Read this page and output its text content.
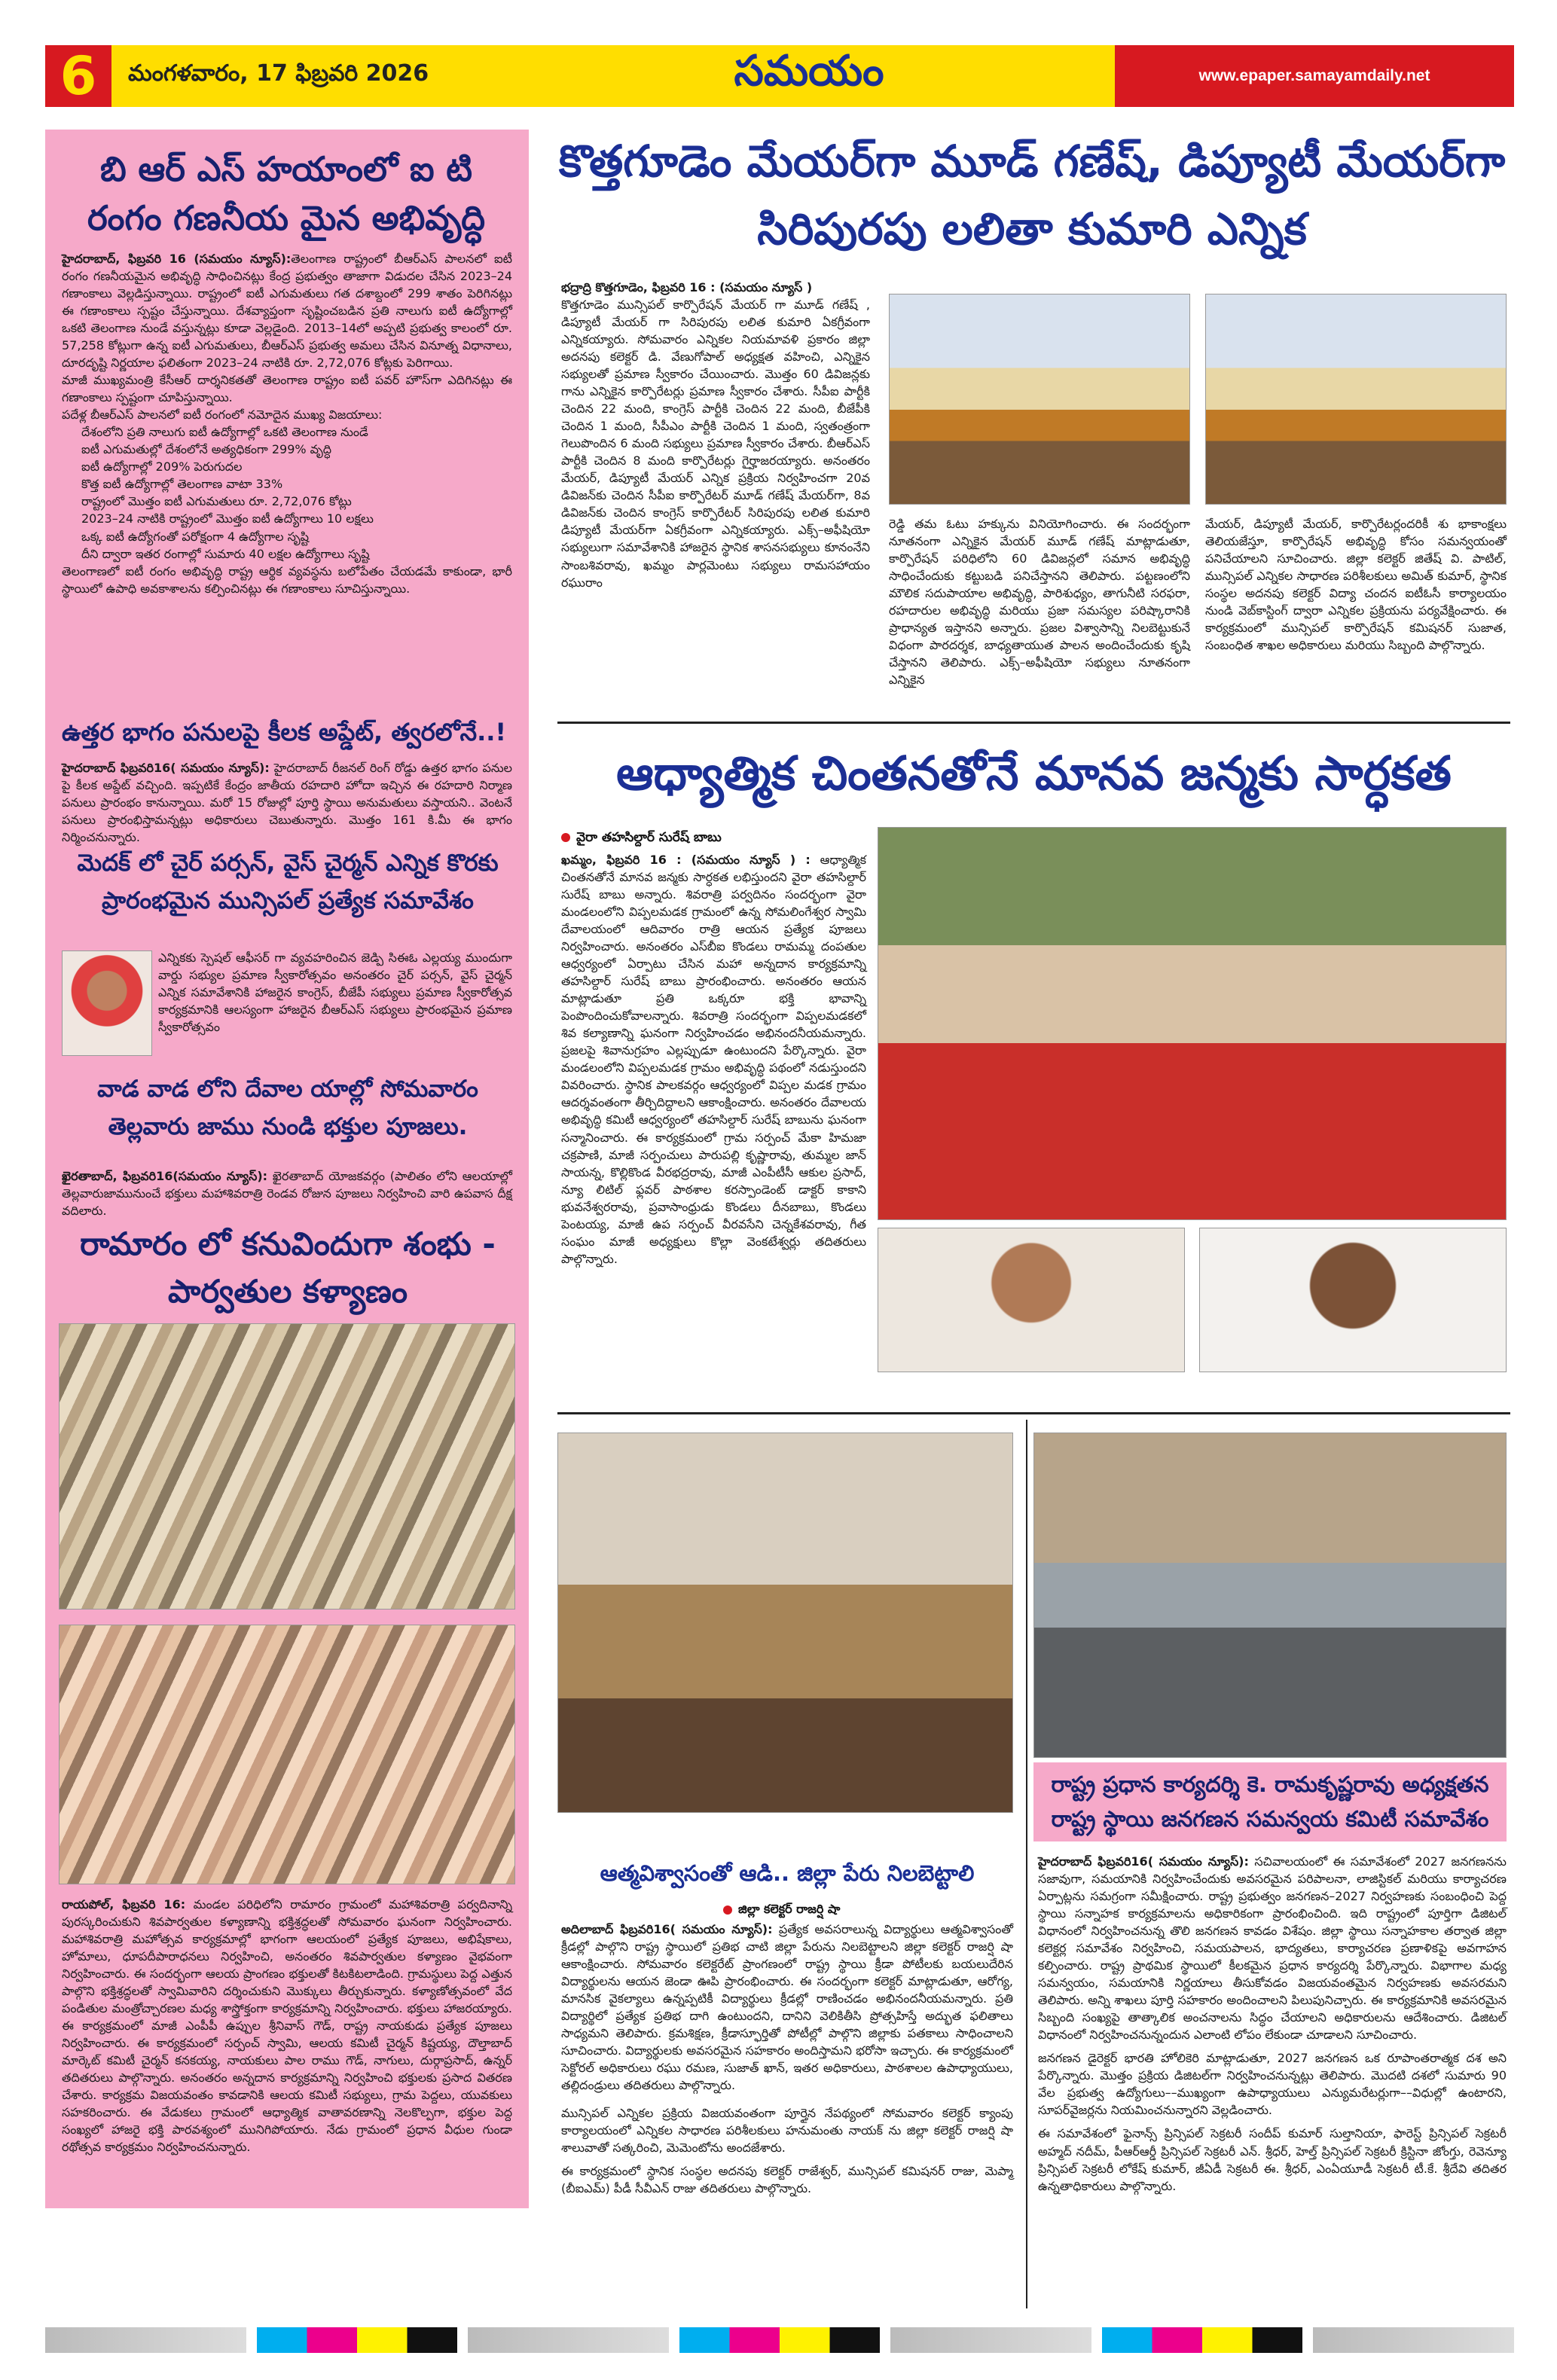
6	మంగళవారం, 17 ఫిబ్రవరి 2026	సమయం	www.epaper.samayamdaily.net
బి ఆర్ ఎస్ హయాంలో ఐ టి రంగం గణనీయ మైన అభివృద్ధి

హైదరాబాద్, ఫిబ్రవరి 16 (సమయం న్యూస్):తెలంగాణ రాష్ట్రంలో బీఆర్ఎస్ పాలనలో ఐటీ రంగం గణనీయమైన అభివృద్ధి సాధించినట్లు కేంద్ర ప్రభుత్వం తాజాగా విడుదల చేసిన 2023–24 గణాంకాలు వెల్లడిస్తున్నాయి. రాష్ట్రంలో ఐటీ ఎగుమతులు గత దశాబ్దంలో 299 శాతం పెరిగినట్లు ఈ గణాంకాలు స్పష్టం చేస్తున్నాయి. దేశవ్యాప్తంగా సృష్టించబడిన ప్రతి నాలుగు ఐటీ ఉద్యోగాల్లో ఒకటి తెలంగాణ నుండే వస్తున్నట్లు కూడా వెల్లడైంది. 2013–14లో అప్పటి ప్రభుత్వ కాలంలో రూ. 57,258 కోట్లుగా ఉన్న ఐటీ ఎగుమతులు, బీఆర్ఎస్ ప్రభుత్వ అమలు చేసిన వినూత్న విధానాలు, దూరదృష్టి నిర్ణయాల ఫలితంగా 2023–24 నాటికి రూ. 2,72,076 కోట్లకు పెరిగాయి.

మాజీ ముఖ్యమంత్రి కేసీఆర్ దార్శనికతతో తెలంగాణ రాష్ట్రం ఐటీ పవర్ హౌస్‌గా ఎదిగినట్లు ఈ గణాంకాలు స్పష్టంగా చూపిస్తున్నాయి.

పదేళ్ల బీఆర్ఎస్ పాలనలో ఐటీ రంగంలో నమోదైన ముఖ్య విజయాలు:

దేశంలోని ప్రతి నాలుగు ఐటీ ఉద్యోగాల్లో ఒకటి తెలంగాణ నుండే
ఐటీ ఎగుమతుల్లో దేశంలోనే అత్యధికంగా 299% వృద్ధి
ఐటీ ఉద్యోగాల్లో 209% పెరుగుదల
కొత్త ఐటీ ఉద్యోగాల్లో తెలంగాణ వాటా 33%
రాష్ట్రంలో మొత్తం ఐటీ ఎగుమతులు రూ. 2,72,076 కోట్లు
2023–24 నాటికి రాష్ట్రంలో మొత్తం ఐటీ ఉద్యోగాలు 10 లక్షలు
ఒక్క ఐటీ ఉద్యోగంతో పరోక్షంగా 4 ఉద్యోగాల సృష్టి
దీని ద్వారా ఇతర రంగాల్లో సుమారు 40 లక్షల ఉద్యోగాలు సృష్టి

తెలంగాణలో ఐటీ రంగం అభివృద్ధి రాష్ట్ర ఆర్థిక వ్యవస్థను బలోపేతం చేయడమే కాకుండా, భారీ స్థాయిలో ఉపాధి అవకాశాలను కల్పించినట్లు ఈ గణాంకాలు సూచిస్తున్నాయి.

ఉత్తర భాగం పనులపై కీలక అప్డేట్, త్వరలోనే..!
హైదరాబాద్ ఫిబ్రవరి16( సమయం న్యూస్): హైదరాబాద్ రీజనల్ రింగ్ రోడ్డు ఉత్తర భాగం పనుల పై కీలక అప్డేట్ వచ్చింది. ఇప్పటికే కేంద్రం జాతీయ రహదారి హోదా ఇచ్చిన ఈ రహదారి నిర్మాణ పనులు ప్రారంభం కానున్నాయి. మరో 15 రోజుల్లో పూర్తి స్థాయి అనుమతులు వస్తాయని.. వెంటనే పనులు ప్రారంభిస్తామన్నట్లు అధికారులు చెబుతున్నారు. మొత్తం 161 కి.మీ ఈ భాగం నిర్మించనున్నారు.
మెదక్ లో చైర్ పర్సన్, వైస్ చైర్మన్ ఎన్నిక కొరకు ప్రారంభమైన మున్సిపల్ ప్రత్యేక సమావేశం
ఎన్నికకు స్పెషల్ ఆఫీసర్ గా వ్యవహరించిన జెడ్పి సిఈఓ ఎల్లయ్య ముందుగా వార్డు సభ్యుల ప్రమాణ స్వీకారోత్సవం అనంతరం చైర్ పర్సన్, వైస్ చైర్మన్ ఎన్నిక సమావేశానికి హాజరైన కాంగ్రెస్, బీజేపీ సభ్యులు ప్రమాణ స్వీకారోత్సవ కార్యక్రమానికి ఆలస్యంగా హాజరైన బీఆర్ఎస్ సభ్యులు ప్రారంభమైన ప్రమాణ స్వీకారోత్సవం
వాడ వాడ లోని దేవాల యాల్లో సోమవారం తెల్లవారు జాము నుండి భక్తుల పూజలు.
ఖైరతాబాద్, ఫిబ్రవరి16(సమయం న్యూస్): ఖైరతాబాద్ యోజకవర్గం (పాలితం లోని ఆలయాల్లో తెల్లవారుజామునుంచే భక్తులు మహాశివరాత్రి రెండవ రోజున పూజలు నిర్వహించి వారి ఉపవాస దీక్ష వదిలారు.
రామారం లో కనువిందుగా శంభు - పార్వతుల కళ్యాణం
రాయపోల్, ఫిబ్రవరి 16: మండల పరిధిలోని రామారం గ్రామంలో మహాశివరాత్రి పర్వదినాన్ని పురస్కరించుకుని శివపార్వతుల కళ్యాణాన్ని భక్తిశ్రద్ధలతో సోమవారం ఘనంగా నిర్వహించారు. మహాశివరాత్రి మహోత్సవ కార్యక్రమాల్లో భాగంగా ఆలయంలో ప్రత్యేక పూజలు, అభిషేకాలు, హోమాలు, ధూపదీపారాధనలు నిర్వహించి, అనంతరం శివపార్వతుల కళ్యాణం వైభవంగా నిర్వహించారు. ఈ సందర్భంగా ఆలయ ప్రాంగణం భక్తులతో కిటకిటలాడింది. గ్రామస్థులు పెద్ద ఎత్తున పాల్గొని భక్తిశ్రద్ధలతో స్వామివారిని దర్శించుకుని మొక్కులు తీర్చుకున్నారు. కళ్యాణోత్సవంలో వేద పండితుల మంత్రోచ్చారణల మధ్య శాస్త్రోక్తంగా కార్యక్రమాన్ని నిర్వహించారు. భక్తులు హాజరయ్యారు. ఈ కార్యక్రమంలో మాజీ ఎంపీపీ ఉప్పుల శ్రీనివాస్ గౌడ్, రాష్ట్ర నాయకుడు ప్రత్యేక పూజలు నిర్వహించారు. ఈ కార్యక్రమంలో సర్పంచ్ స్వామి, ఆలయ కమిటీ చైర్మన్ కిష్టయ్య, దౌల్తాబాద్ మార్కెట్ కమిటీ చైర్మన్ కనకయ్య, నాయకులు పాల రాము గౌడ్, నాగులు, దుర్గాప్రసాద్, ఉన్నర్ తదితరులు పాల్గొన్నారు. అనంతరం అన్నదాన కార్యక్రమాన్ని నిర్వహించి భక్తులకు ప్రసాద వితరణ చేశారు. కార్యక్రమ విజయవంతం కావడానికి ఆలయ కమిటీ సభ్యులు, గ్రామ పెద్దలు, యువకులు సహకరించారు. ఈ వేడుకలు గ్రామంలో ఆధ్యాత్మిక వాతావరణాన్ని నెలకొల్పగా, భక్తుల పెద్ద సంఖ్యలో హాజరై భక్తి పారవశ్యంలో మునిగిపోయారు. నేడు గ్రామంలో ప్రధాన వీధుల గుండా రథోత్సవ కార్యక్రమం నిర్వహించనున్నారు.
కొత్తగూడెం మేయర్‌గా మూడ్ గణేష్, డిప్యూటీ మేయర్‌గా సిరిపురపు లలితా కుమారి ఎన్నిక
భద్రాద్రి కొత్తగూడెం, ఫిబ్రవరి 16 : (సమయం న్యూస్ )

కొత్తగూడెం మున్సిపల్ కార్పొరేషన్ మేయర్ గా మూడ్ గణేష్ , డిప్యూటీ మేయర్ గా సిరిపురపు లలిత కుమారి ఏకగ్రీవంగా ఎన్నికయ్యారు. సోమవారం ఎన్నికల నియమావళి ప్రకారం జిల్లా అదనపు కలెక్టర్ డి. వేణుగోపాల్ అధ్యక్షత వహించి, ఎన్నికైన సభ్యులతో ప్రమాణ స్వీకారం చేయించారు. మొత్తం 60 డివిజన్లకు గాను ఎన్నికైన కార్పొరేటర్లు ప్రమాణ స్వీకారం చేశారు. సీపీఐ పార్టీకి చెందిన 22 మంది, కాంగ్రెస్ పార్టీకి చెందిన 22 మంది, బీజేపీకి చెందిన 1 మంది, సీపీఎం పార్టీకి చెందిన 1 మంది, స్వతంత్రంగా గెలుపొందిన 6 మంది సభ్యులు ప్రమాణ స్వీకారం చేశారు. బీఆర్ఎస్ పార్టీకి చెందిన 8 మంది కార్పొరేటర్లు గైర్హాజరయ్యారు. అనంతరం మేయర్, డిప్యూటీ మేయర్ ఎన్నిక ప్రక్రియ నిర్వహించగా 20వ డివిజన్‌కు చెందిన సీపీఐ కార్పొరేటర్ మూడ్ గణేష్ మేయర్‌గా, 8వ డివిజన్‌కు చెందిన కాంగ్రెస్ కార్పొరేటర్ సిరిపురపు లలిత కుమారి డిప్యూటీ మేయర్‌గా ఏకగ్రీవంగా ఎన్నికయ్యారు. ఎక్స్–అఫీషియో సభ్యులుగా సమావేశానికి హాజరైన స్థానిక శాసనసభ్యులు కూనంనేని సాంబశివరావు, ఖమ్మం పార్లమెంటు సభ్యులు రామసహాయం రఘురాం

రెడ్డి తమ ఓటు హక్కును వినియోగించారు. ఈ సందర్భంగా నూతనంగా ఎన్నికైన మేయర్ మూడ్ గణేష్ మాట్లాడుతూ, కార్పొరేషన్ పరిధిలోని 60 డివిజన్లలో సమాన అభివృద్ధి సాధించేందుకు కట్టుబడి పనిచేస్తానని తెలిపారు. పట్టణంలోని మౌలిక సదుపాయాల అభివృద్ధి, పారిశుధ్యం, తాగునీటి సరఫరా, రహదారుల అభివృద్ధి మరియు ప్రజా సమస్యల పరిష్కారానికి ప్రాధాన్యత ఇస్తానని అన్నారు. ప్రజల విశ్వాసాన్ని నిలబెట్టుకునే విధంగా పారదర్శక, బాధ్యతాయుత పాలన అందించేందుకు కృషి చేస్తానని తెలిపారు. ఎక్స్–అఫీషియో సభ్యులు నూతనంగా ఎన్నికైన
మేయర్, డిప్యూటీ మేయర్, కార్పొరేటర్లందరికీ శు భాకాంక్షలు తెలియజేస్తూ, కార్పొరేషన్ అభివృద్ధి కోసం సమన్వయంతో పనిచేయాలని సూచించారు. జిల్లా కలెక్టర్ జితేష్ వి. పాటిల్, మున్సిపల్ ఎన్నికల సాధారణ పరిశీలకులు అమిత్ కుమార్, స్థానిక సంస్థల అదనపు కలెక్టర్ విద్యా చందన ఐటీఓసీ కార్యాలయం నుండి వెబ్‌కాస్టింగ్ ద్వారా ఎన్నికల ప్రక్రియను పర్యవేక్షించారు. ఈ కార్యక్రమంలో మున్సిపల్ కార్పొరేషన్ కమిషనర్ సుజాత, సంబంధిత శాఖల అధికారులు మరియు సిబ్బంది పాల్గొన్నారు.
ఆధ్యాత్మిక చింతనతోనే మానవ జన్మకు సార్ధకత
వైరా తహసిల్దార్ సురేష్ బాబు
ఖమ్మం, ఫిబ్రవరి 16 : (సమయం న్యూస్ ) : ఆధ్యాత్మిక చింతనతోనే మానవ జన్మకు సార్ధకత లభిస్తుందని వైరా తహసిల్దార్ సురేష్ బాబు అన్నారు. శివరాత్రి పర్వదినం సందర్భంగా వైరా మండలంలోని విప్పలమడక గ్రామంలో ఉన్న సోమలింగేశ్వర స్వామి దేవాలయంలో ఆదివారం రాత్రి ఆయన ప్రత్యేక పూజలు నిర్వహించారు. అనంతరం ఎస్‌బీఐ కొండలు రామమ్మ దంపతుల ఆధ్వర్యంలో ఏర్పాటు చేసిన మహా అన్నదాన కార్యక్రమాన్ని తహసిల్దార్ సురేష్ బాబు ప్రారంభించారు. అనంతరం ఆయన మాట్లాడుతూ ప్రతి ఒక్కరూ భక్తి భావాన్ని పెంపొందించుకోవాలన్నారు. శివరాత్రి సందర్భంగా విప్పలమడకలో శివ కల్యాణాన్ని ఘనంగా నిర్వహించడం అభినందనీయమన్నారు. ప్రజలపై శివానుగ్రహం ఎల్లప్పుడూ ఉంటుందని పేర్కొన్నారు. వైరా మండలంలోని విప్పలమడక గ్రామం అభివృద్ధి పథంలో నడుస్తుందని వివరించారు. స్థానిక పాలకవర్గం ఆధ్వర్యంలో విప్పల మడక గ్రామం ఆదర్శవంతంగా తీర్చిదిద్దాలని ఆకాంక్షించారు. అనంతరం దేవాలయ అభివృద్ధి కమిటీ ఆధ్వర్యంలో తహసిల్దార్ సురేష్ బాబును ఘనంగా సన్మానించారు. ఈ కార్యక్రమంలో గ్రామ సర్పంచ్ మేకా హిమజా చక్రపాణి, మాజీ సర్పంచులు పారుపల్లి కృష్ణారావు, తుమ్మల జాన్ సాయన్న, కొల్లికొండ వీరభద్రరావు, మాజీ ఎంపీటీసీ ఆకుల ప్రసాద్, న్యూ లిటిల్ ఫ్లవర్ పాఠశాల కరస్పాండెంట్ డాక్టర్ కాకాని భువనేశ్వరరావు, ప్రవాసాంధ్రుడు కొండలు దీనబాబు, కొండలు పెంటయ్య, మాజీ ఉప సర్పంచ్ వీరవసేని చెన్నకేశవరావు, గీత సంఘం మాజీ అధ్యక్షులు కొల్లా వెంకటేశ్వర్లు తదితరులు పాల్గొన్నారు.
ఆత్మవిశ్వాసంతో ఆడి.. జిల్లా పేరు నిలబెట్టాలి
జిల్లా కలెక్టర్ రాజర్షి షా

అదిలాబాద్ ఫిబ్రవరి16( సమయం న్యూస్): ప్రత్యేక అవసరాలున్న విద్యార్థులు ఆత్మవిశ్వాసంతో క్రీడల్లో పాల్గొని రాష్ట్ర స్థాయిలో ప్రతిభ చాటి జిల్లా పేరును నిలబెట్టాలని జిల్లా కలెక్టర్ రాజర్షి షా ఆకాంక్షించారు. సోమవారం కలెక్టరేట్ ప్రాంగణంలో రాష్ట్ర స్థాయి క్రీడా పోటీలకు బయలుదేరిన విద్యార్థులను ఆయన జెండా ఊపి ప్రారంభించారు. ఈ సందర్భంగా కలెక్టర్ మాట్లాడుతూ, ఆరోగ్య, మానసిక వైకల్యాలు ఉన్నప్పటికీ విద్యార్థులు క్రీడల్లో రాణించడం అభినందనీయమన్నారు. ప్రతి విద్యార్థిలో ప్రత్యేక ప్రతిభ దాగి ఉంటుందని, దానిని వెలికితీసి ప్రోత్సహిస్తే అద్భుత ఫలితాలు సాధ్యమని తెలిపారు. క్రమశిక్షణ, క్రీడాస్ఫూర్తితో పోటీల్లో పాల్గొని జిల్లాకు పతకాలు సాధించాలని సూచించారు. విద్యార్థులకు అవసరమైన సహకారం అందిస్తామని భరోసా ఇచ్చారు. ఈ కార్యక్రమంలో సెక్టోరల్ అధికారులు రఘు రమణ, సుజాత్ ఖాన్, ఇతర అధికారులు, పాఠశాలల ఉపాధ్యాయులు, తల్లిదండ్రులు తదితరులు పాల్గొన్నారు.

మున్సిపల్ ఎన్నికల ప్రక్రియ విజయవంతంగా పూర్తైన నేపథ్యంలో సోమవారం కలెక్టర్ క్యాంపు కార్యాలయంలో ఎన్నికల సాధారణ పరిశీలకులు హనుమంతు నాయక్ ను జిల్లా కలెక్టర్ రాజర్షి షా శాలువాతో సత్కరించి, మెమెంటోను అందజేశారు.

ఈ కార్యక్రమంలో స్థానిక సంస్థల అదనపు కలెక్టర్ రాజేశ్వర్, మున్సిపల్ కమిషనర్ రాజు, మెప్మా (బీఐఎమ్) పీడీ సీవీఎన్ రాజు తదితరులు పాల్గొన్నారు.

రాష్ట్ర ప్రధాన కార్యదర్శి కె. రామకృష్ణరావు అధ్యక్షతన రాష్ట్ర స్థాయి జనగణన సమన్వయ కమిటీ సమావేశం

హైదరాబాద్ ఫిబ్రవరి16( సమయం న్యూస్): సచివాలయంలో ఈ సమావేశంలో 2027 జనగణనను సజావుగా, సమయానికి నిర్వహించేందుకు అవసరమైన పరిపాలనా, లాజిస్టికల్ మరియు కార్యాచరణ ఏర్పాట్లను సమగ్రంగా సమీక్షించారు. రాష్ట్ర ప్రభుత్వం జనగణన–2027 నిర్వహణకు సంబంధించి పెద్ద స్థాయి సన్నాహక కార్యక్రమాలను అధికారికంగా ప్రారంభించింది. ఇది రాష్ట్రంలో పూర్తిగా డిజిటల్ విధానంలో నిర్వహించనున్న తొలి జనగణన కావడం విశేషం. జిల్లా స్థాయి సన్నాహకాల తర్వాత జిల్లా కలెక్టర్ల సమావేశం నిర్వహించి, సమయపాలన, భాద్యతలు, కార్యాచరణ ప్రణాళికపై అవగాహన కల్పించారు. రాష్ట్ర ప్రాథమిక స్థాయిలో కీలకమైన ప్రధాన కార్యదర్శి పేర్కొన్నారు. విభాగాల మధ్య సమన్వయం, సమయానికి నిర్ణయాలు తీసుకోవడం విజయవంతమైన నిర్వహణకు అవసరమని తెలిపారు. అన్ని శాఖలు పూర్తి సహకారం అందించాలని పిలుపునిచ్చారు. ఈ కార్యక్రమానికి అవసరమైన సిబ్బంది సంఖ్యపై తాత్కాలిక అంచనాలను సిద్ధం చేయాలని అధికారులను ఆదేశించారు. డిజిటల్ విధానంలో నిర్వహించనున్నందున ఎలాంటి లోపం లేకుండా చూడాలని సూచించారు.

జనగణన డైరెక్టర్ భారతి హోలికెరి మాట్లాడుతూ, 2027 జనగణన ఒక రూపాంతరాత్మక దశ అని పేర్కొన్నారు. మొత్తం ప్రక్రియ డిజిటల్‌గా నిర్వహించనున్నట్లు తెలిపారు. మొదటి దశలో సుమారు 90 వేల ప్రభుత్వ ఉద్యోగులు––ముఖ్యంగా ఉపాధ్యాయులు ఎన్యుమరేటర్లుగా––విధుల్లో ఉంటారని, సూపర్‌వైజర్లను నియమించనున్నారని వెల్లడించారు.

ఈ సమావేశంలో ఫైనాన్స్ ప్రిన్సిపల్ సెక్రటరీ సందీప్ కుమార్ సుల్తానియా, ఫారెస్ట్ ప్రిన్సిపల్ సెక్రటరీ అహ్మద్ నదీమ్, పీఆర్‌ఆర్డీ ప్రిన్సిపల్ సెక్రటరీ ఎన్. శ్రీధర్, హెల్త్ ప్రిన్సిపల్ సెక్రటరీ క్రిస్టినా జోంగ్తు, రెవెన్యూ ప్రిన్సిపల్ సెక్రటరీ లోకేష్ కుమార్, జీఏడీ సెక్రటరీ ఈ. శ్రీధర్, ఎంఏయూడీ సెక్రటరీ టీ.కే. శ్రీదేవి తదితర ఉన్నతాధికారులు పాల్గొన్నారు.
